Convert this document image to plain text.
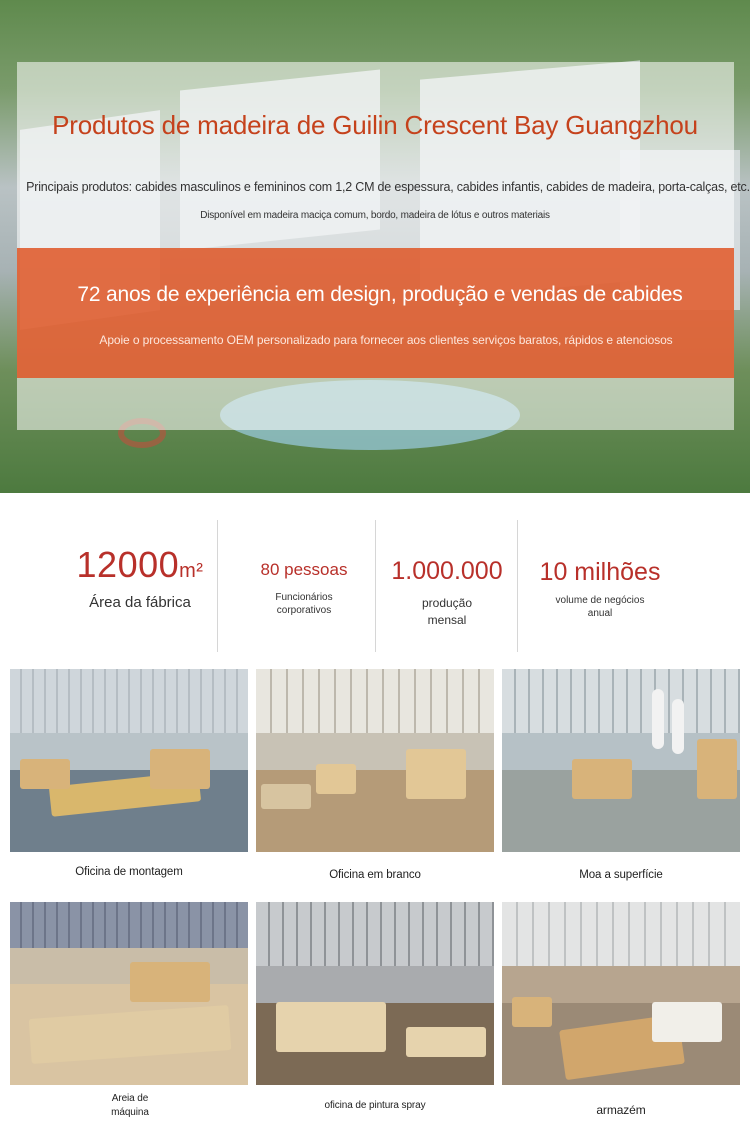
Produtos de madeira de Guilin Crescent Bay Guangzhou
Principais produtos: cabides masculinos e femininos com 1,2 CM de espessura, cabides infantis, cabides de madeira, porta-calças, etc.
Disponível em madeira maciça comum, bordo, madeira de lótus e outros materiais
72 anos de experiência em design, produção e vendas de cabides
Apoie o processamento OEM personalizado para fornecer aos clientes serviços baratos, rápidos e atenciosos
12000m²
Área da fábrica
80 pessoas
Funcionários
corporativos
1.000.000
produção
mensal
10 milhões
volume de negócios
anual
Oficina de montagem	Oficina em branco	Moa a superfície
Areia de
máquina
oficina de pintura spray	armazém
